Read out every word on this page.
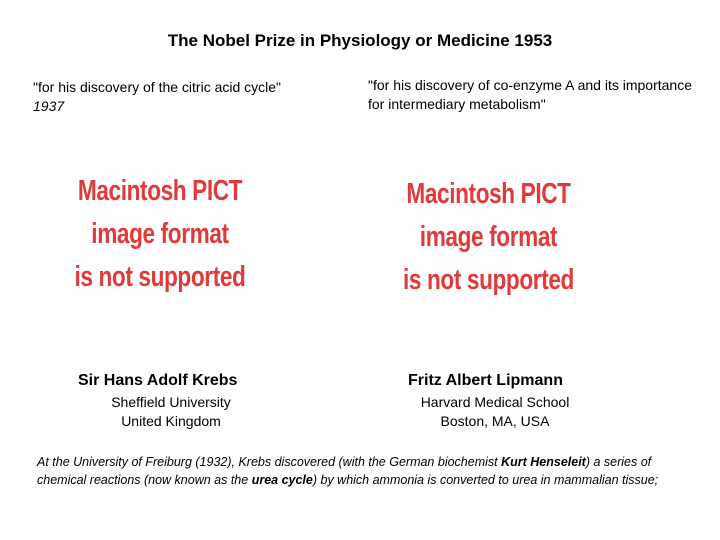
The Nobel Prize in Physiology or Medicine 1953
"for his discovery of the citric acid cycle"
1937
"for his discovery of co-enzyme A and its importance for intermediary metabolism"
Macintosh PICT
image format
is not supported
Macintosh PICT
image format
is not supported
Sir Hans Adolf Krebs	Fritz Albert Lipmann
Sheffield University
United Kingdom
Harvard Medical School
Boston, MA, USA
At the University of Freiburg (1932), Krebs discovered (with the German biochemist Kurt Henseleit) a series of chemical reactions (now known as the urea cycle) by which ammonia is converted to urea in mammalian tissue;
